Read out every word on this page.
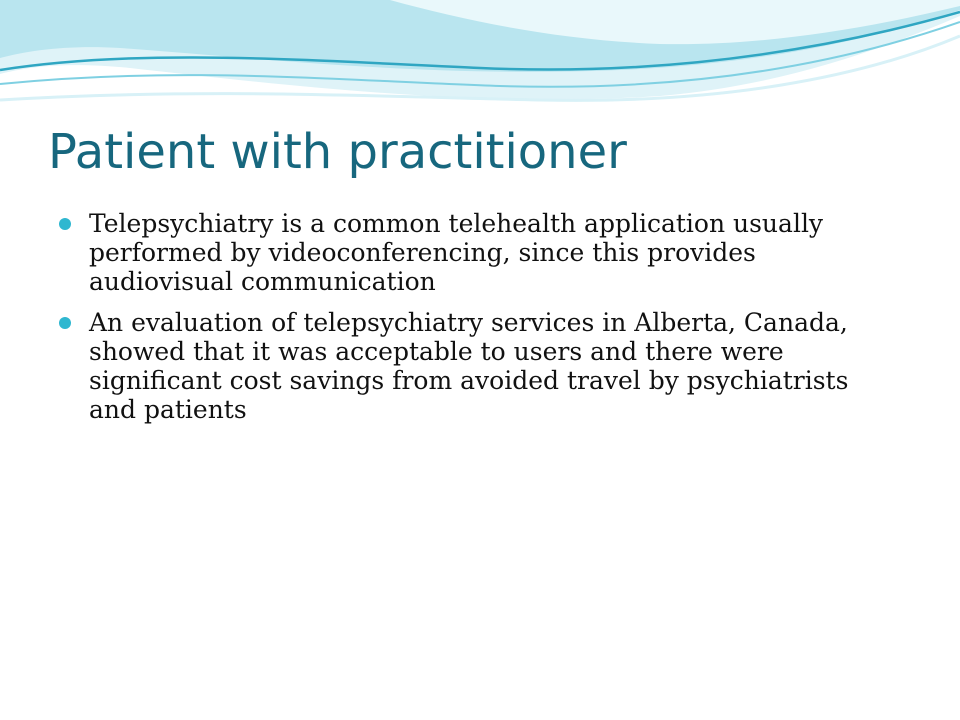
Patient with practitioner
Telepsychiatry is a common telehealth application usually performed by videoconferencing, since this provides audiovisual communication
An evaluation of telepsychiatry services in Alberta, Canada, showed that it was acceptable to users and there were significant cost savings from avoided travel by psychiatrists and patients
